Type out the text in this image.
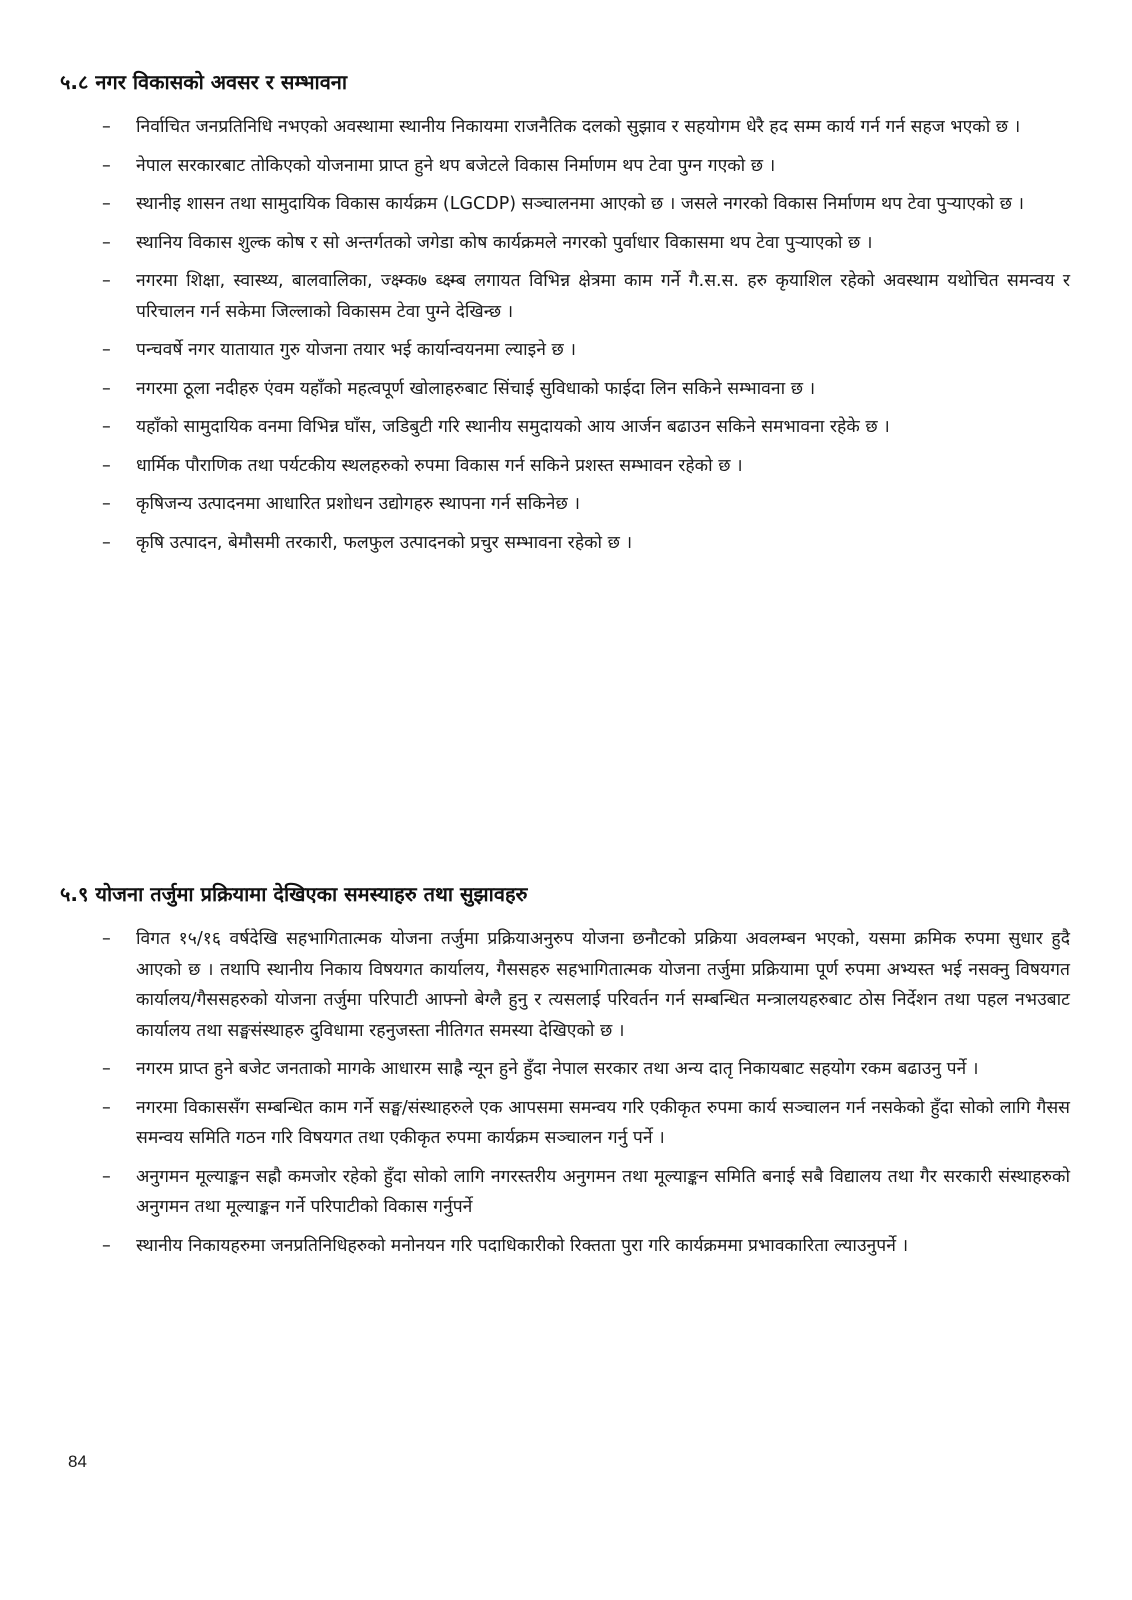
५.८ नगर विकासको अवसर र सम्भावना
– निर्वाचित जनप्रतिनिधि नभएको अवस्थामा स्थानीय निकायमा राजनैतिक दलको सुझाव र सहयोगम धेरै हद सम्म कार्य गर्न गर्न सहज भएको छ ।
– नेपाल सरकारबाट तोकिएको योजनामा प्राप्त हुने थप बजेटले विकास निर्माणम थप टेवा पुग्न गएको छ ।
– स्थानीइ शासन तथा सामुदायिक विकास कार्यक्रम (LGCDP) सञ्चालनमा आएको छ । जसले नगरको विकास निर्माणम थप टेवा पुऱ्याएको छ ।
– स्थानिय विकास शुल्क कोष र सो अन्तर्गतको जगेडा कोष कार्यक्रमले नगरको पुर्वाधार विकासमा थप टेवा पुऱ्याएको छ ।
– नगरमा शिक्षा, स्वास्थ्य, बालवालिका, ज्क्ष्म्क७ ब्क्ष्म्ब लगायत विभिन्न क्षेत्रमा काम गर्ने गै.स.स. हरु कृयाशिल रहेको अवस्थाम यथोचित समन्वय र परिचालन गर्न सकेमा जिल्लाको विकासम टेवा पुग्ने देखिन्छ ।
– पन्चवर्षे नगर यातायात गुरु योजना तयार भई कार्यान्वयनमा ल्याइने छ ।
– नगरमा ठूला नदीहरु एंवम यहाँको महत्वपूर्ण खोलाहरुबाट सिंचाई सुविधाको फाईदा लिन सकिने सम्भावना छ ।
– यहाँको सामुदायिक वनमा विभिन्न घाँस, जडिबुटी गरि स्थानीय समुदायको आय आर्जन बढाउन सकिने समभावना रहेके छ ।
– धार्मिक पौराणिक तथा पर्यटकीय स्थलहरुको रुपमा विकास गर्न सकिने प्रशस्त सम्भावन रहेको छ ।
– कृषिजन्य उत्पादनमा आधारित प्रशोधन उद्योगहरु स्थापना गर्न सकिनेछ ।
– कृषि उत्पादन, बेमौसमी तरकारी, फलफुल उत्पादनको प्रचुर सम्भावना रहेको छ ।
५.९ योजना तर्जुमा प्रक्रियामा देखिएका समस्याहरु तथा सुझावहरु
– विगत १५/१६ वर्षदेखि सहभागितात्मक योजना तर्जुमा प्रक्रियाअनुरुप योजना छनौटको प्रक्रिया अवलम्बन भएको, यसमा क्रमिक रुपमा सुधार हुदै आएको छ । तथापि स्थानीय निकाय विषयगत कार्यालय, गैससहरु सहभागितात्मक योजना तर्जुमा प्रक्रियामा पूर्ण रुपमा अभ्यस्त भई नसक्नु विषयगत कार्यालय/गैससहरुको योजना तर्जुमा परिपाटी आफ्नो बेग्लै हुनु र त्यसलाई परिवर्तन गर्न सम्बन्धित मन्त्रालयहरुबाट ठोस निर्देशन तथा पहल नभउबाट कार्यालय तथा सङ्घसंस्थाहरु दुविधामा रहनुजस्ता नीतिगत समस्या देखिएको छ ।
– नगरम प्राप्त हुने बजेट जनताको मागके आधारम साह्रै न्यून हुने हुँदा नेपाल सरकार तथा अन्य दातृ निकायबाट सहयोग रकम बढाउनु पर्ने ।
– नगरमा विकाससँग सम्बन्धित काम गर्ने सङ्घ/संस्थाहरुले एक आपसमा समन्वय गरि एकीकृत रुपमा कार्य सञ्चालन गर्न नसकेको हुँदा सोको लागि गैसस समन्वय समिति गठन गरि विषयगत तथा एकीकृत रुपमा कार्यक्रम सञ्चालन गर्नु पर्ने ।
– अनुगमन मूल्याङ्कन सह्रौ कमजोर रहेको हुँदा सोको लागि नगरस्तरीय अनुगमन तथा मूल्याङ्कन समिति बनाई सबै विद्यालय तथा गैर सरकारी संस्थाहरुको अनुगमन तथा मूल्याङ्कन गर्ने परिपाटीको विकास गर्नुपर्ने
– स्थानीय निकायहरुमा जनप्रतिनिधिहरुको मनोनयन गरि पदाधिकारीको रिक्तता पुरा गरि कार्यक्रममा प्रभावकारिता ल्याउनुपर्ने ।
84
